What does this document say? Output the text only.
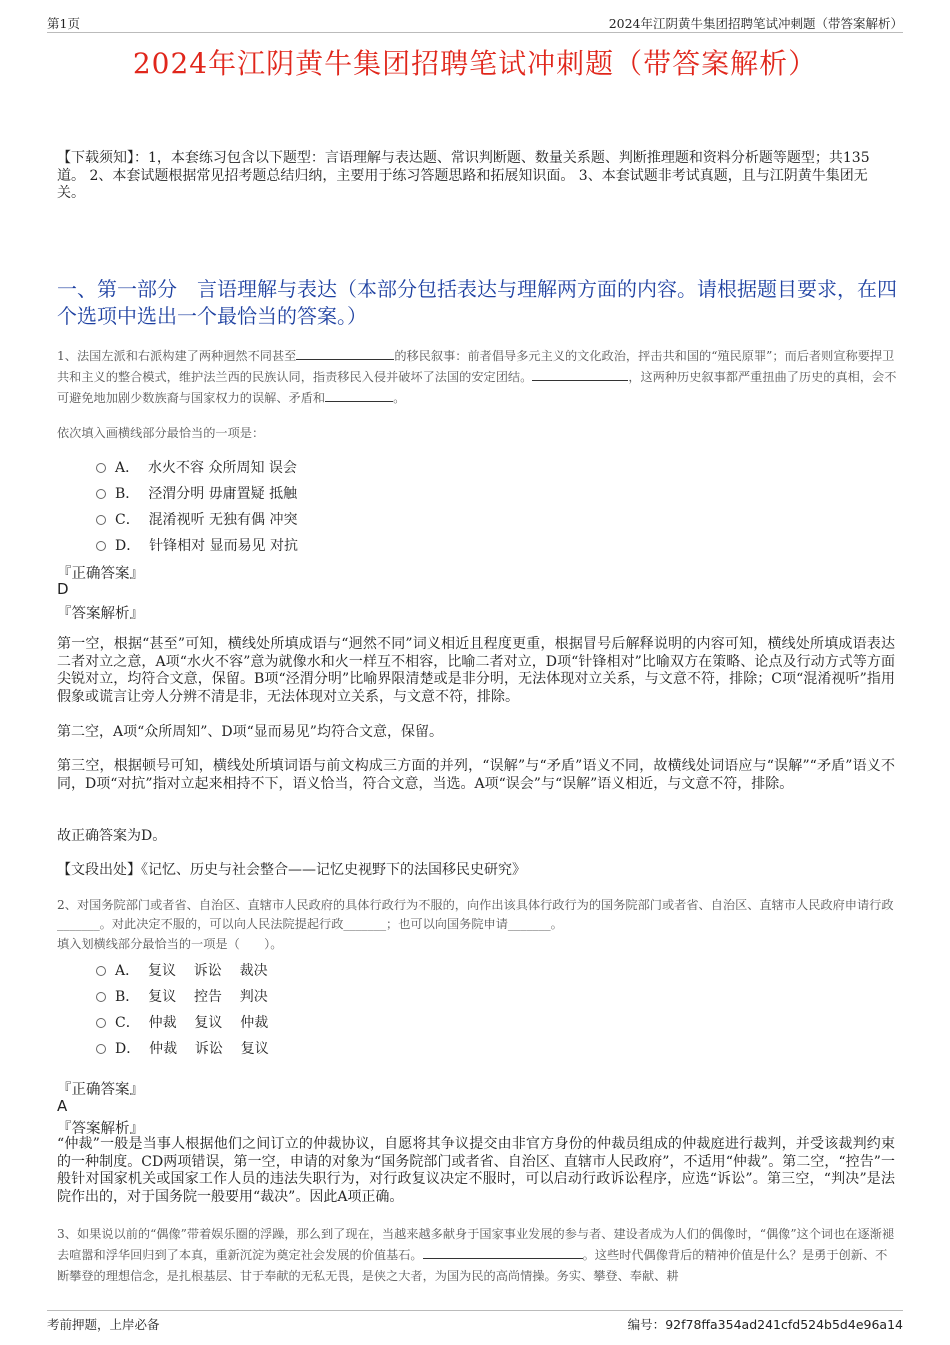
第1页	2024年江阴黄牛集团招聘笔试冲刺题（带答案解析）
2024年江阴黄牛集团招聘笔试冲刺题（带答案解析）
【下载须知】：1，本套练习包含以下题型：言语理解与表达题、常识判断题、数量关系题、判断推理题和资料分析题等题型；共135道。 2、本套试题根据常见招考题总结归纳，主要用于练习答题思路和拓展知识面。 3、本套试题非考试真题，且与江阴黄牛集团无关。
一、第一部分 言语理解与表达（本部分包括表达与理解两方面的内容。请根据题目要求，在四个选项中选出一个最恰当的答案。）
1、法国左派和右派构建了两种迥然不同甚至	的移民叙事：前者倡导多元主义的文化政治，抨击共和国的“殖民原罪”；而后者则宣称要捍卫共和主义的整合模式，维护法兰西的民族认同，指责移民入侵并破坏了法国的安定团结。	，这两种历史叙事都严重扭曲了历史的真相，会不可避免地加剧少数族裔与国家权力的误解、矛盾和	。
依次填入画横线部分最恰当的一项是：
A．  水火不容 众所周知 误会
B．  泾渭分明 毋庸置疑 抵触
C．  混淆视听 无独有偶 冲突
D．  针锋相对 显而易见 对抗
『正确答案』
D
『答案解析』
第一空，根据“甚至”可知，横线处所填成语与“迥然不同”词义相近且程度更重，根据冒号后解释说明的内容可知，横线处所填成语表达二者对立之意，A项“水火不容”意为就像水和火一样互不相容，比喻二者对立，D项“针锋相对”比喻双方在策略、论点及行动方式等方面尖锐对立，均符合文意，保留。B项“泾渭分明”比喻界限清楚或是非分明，无法体现对立关系，与文意不符，排除；C项“混淆视听”指用假象或谎言让旁人分辨不清是非，无法体现对立关系，与文意不符，排除。
第二空，A项“众所周知”、D项“显而易见”均符合文意，保留。
第三空，根据顿号可知，横线处所填词语与前文构成三方面的并列，“误解”与“矛盾”语义不同，故横线处词语应与“误解”“矛盾”语义不同，D项“对抗”指对立起来相持不下，语义恰当，符合文意，当选。A项“误会”与“误解”语义相近，与文意不符，排除。
故正确答案为D。
【文段出处】《记忆、历史与社会整合——记忆史视野下的法国移民史研究》
2、对国务院部门或者省、自治区、直辖市人民政府的具体行政行为不服的，向作出该具体行政行为的国务院部门或者省、自治区、直辖市人民政府申请行政_______。对此决定不服的，可以向人民法院提起行政_______；也可以向国务院申请_______。
填入划横线部分最恰当的一项是（　　）。
A．  复议    诉讼    裁决
B．  复议    控告    判决
C．  仲裁    复议    仲裁
D．  仲裁    诉讼    复议
『正确答案』
A
『答案解析』
“仲裁”一般是当事人根据他们之间订立的仲裁协议，自愿将其争议提交由非官方身份的仲裁员组成的仲裁庭进行裁判，并受该裁判约束的一种制度。CD两项错误，第一空，申请的对象为“国务院部门或者省、自治区、直辖市人民政府”，不适用“仲裁”。第二空，“控告”一般针对国家机关或国家工作人员的违法失职行为，对行政复议决定不服时，可以启动行政诉讼程序，应选“诉讼”。第三空，“判决”是法院作出的，对于国务院一般要用“裁决”。因此A项正确。
3、如果说以前的“偶像”带着娱乐圈的浮躁，那么到了现在，当越来越多献身于国家事业发展的参与者、建设者成为人们的偶像时，“偶像”这个词也在逐渐褪去喧嚣和浮华回归到了本真，重新沉淀为奠定社会发展的价值基石。	。这些时代偶像背后的精神价值是什么？是勇于创新、不断攀登的理想信念，是扎根基层、甘于奉献的无私无畏，是侠之大者，为国为民的高尚情操。务实、攀登、奉献、耕
考前押题，上岸必备	编号：92f78ffa354ad241cfd524b5d4e96a14
